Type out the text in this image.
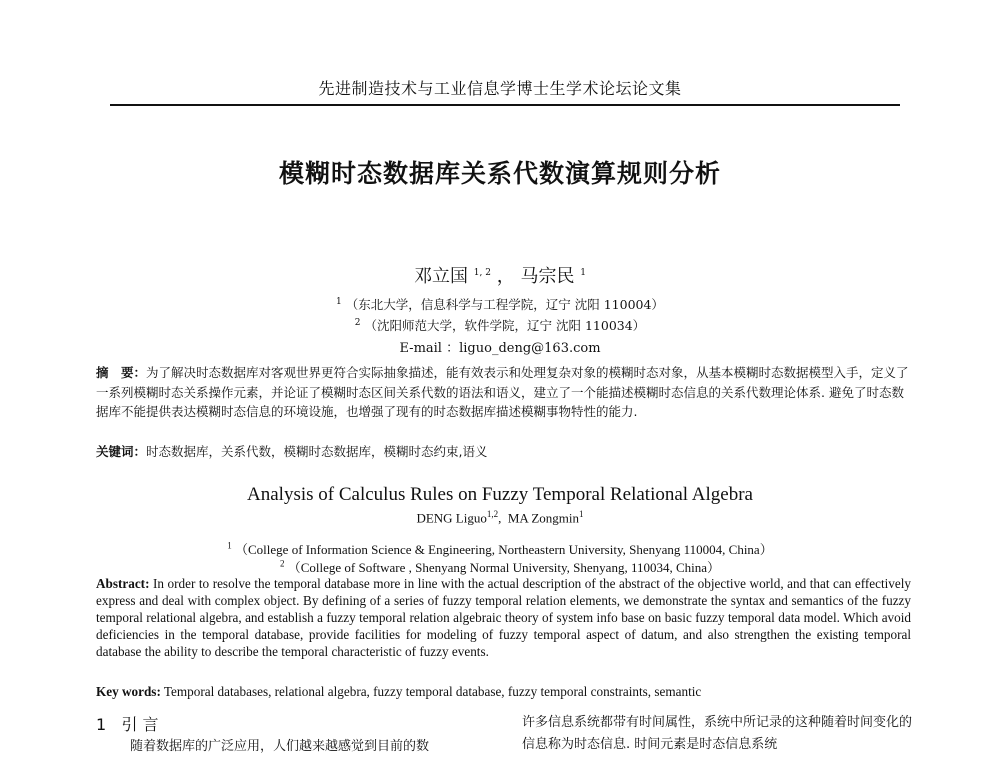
先进制造技术与工业信息学博士生学术论坛论文集
模糊时态数据库关系代数演算规则分析
邓立国 $^{1, 2}$ ， 马宗民 $^1$
$^1$ （东北大学，信息科学与工程学院，辽宁 沈阳 110004）
$^2$ （沈阳师范大学，软件学院，辽宁 沈阳 110034）
E-mail ：liguo_deng@163.com
摘　要：为了解决时态数据库对客观世界更符合实际抽象描述，能有效表示和处理复杂对象的模糊时态对象，从基本模糊时态数据模型入手，定义了一系列模糊时态关系操作元素，并论证了模糊时态区间关系代数的语法和语义，建立了一个能描述模糊时态信息的关系代数理论体系. 避免了时态数据库不能提供表达模糊时态信息的环境设施，也增强了现有的时态数据库描述模糊事物特性的能力.
关键词：时态数据库，关系代数，模糊时态数据库，模糊时态约束,语义
Analysis of Calculus Rules on Fuzzy Temporal Relational Algebra
DENG Liguo$^{1,2}$,  MA Zongmin$^1$
$^1$ （College of Information Science & Engineering, Northeastern University, Shenyang 110004, China）
$^2$ （College of Software , Shenyang Normal University, Shenyang, 110034, China）
Abstract: In order to resolve the temporal database more in line with the actual description of the abstract of the objective world, and that can effectively express and deal with complex object. By defining of a series of fuzzy temporal relation elements, we demonstrate the syntax and semantics of the fuzzy temporal relational algebra, and establish a fuzzy temporal relation algebraic theory of system info base on basic fuzzy temporal data model. Which avoid deficiencies in the temporal database, provide facilities for modeling of fuzzy temporal aspect of datum, and also strengthen the existing temporal database the ability to describe the temporal characteristic of fuzzy events.
Key words: Temporal databases, relational algebra, fuzzy temporal database, fuzzy temporal constraints, semantic
1 引 言
随着数据库的广泛应用，人们越来越感觉到目前的数
许多信息系统都带有时间属性，系统中所记录的这种随着时间变化的信息称为时态信息. 时间元素是时态信息系统
